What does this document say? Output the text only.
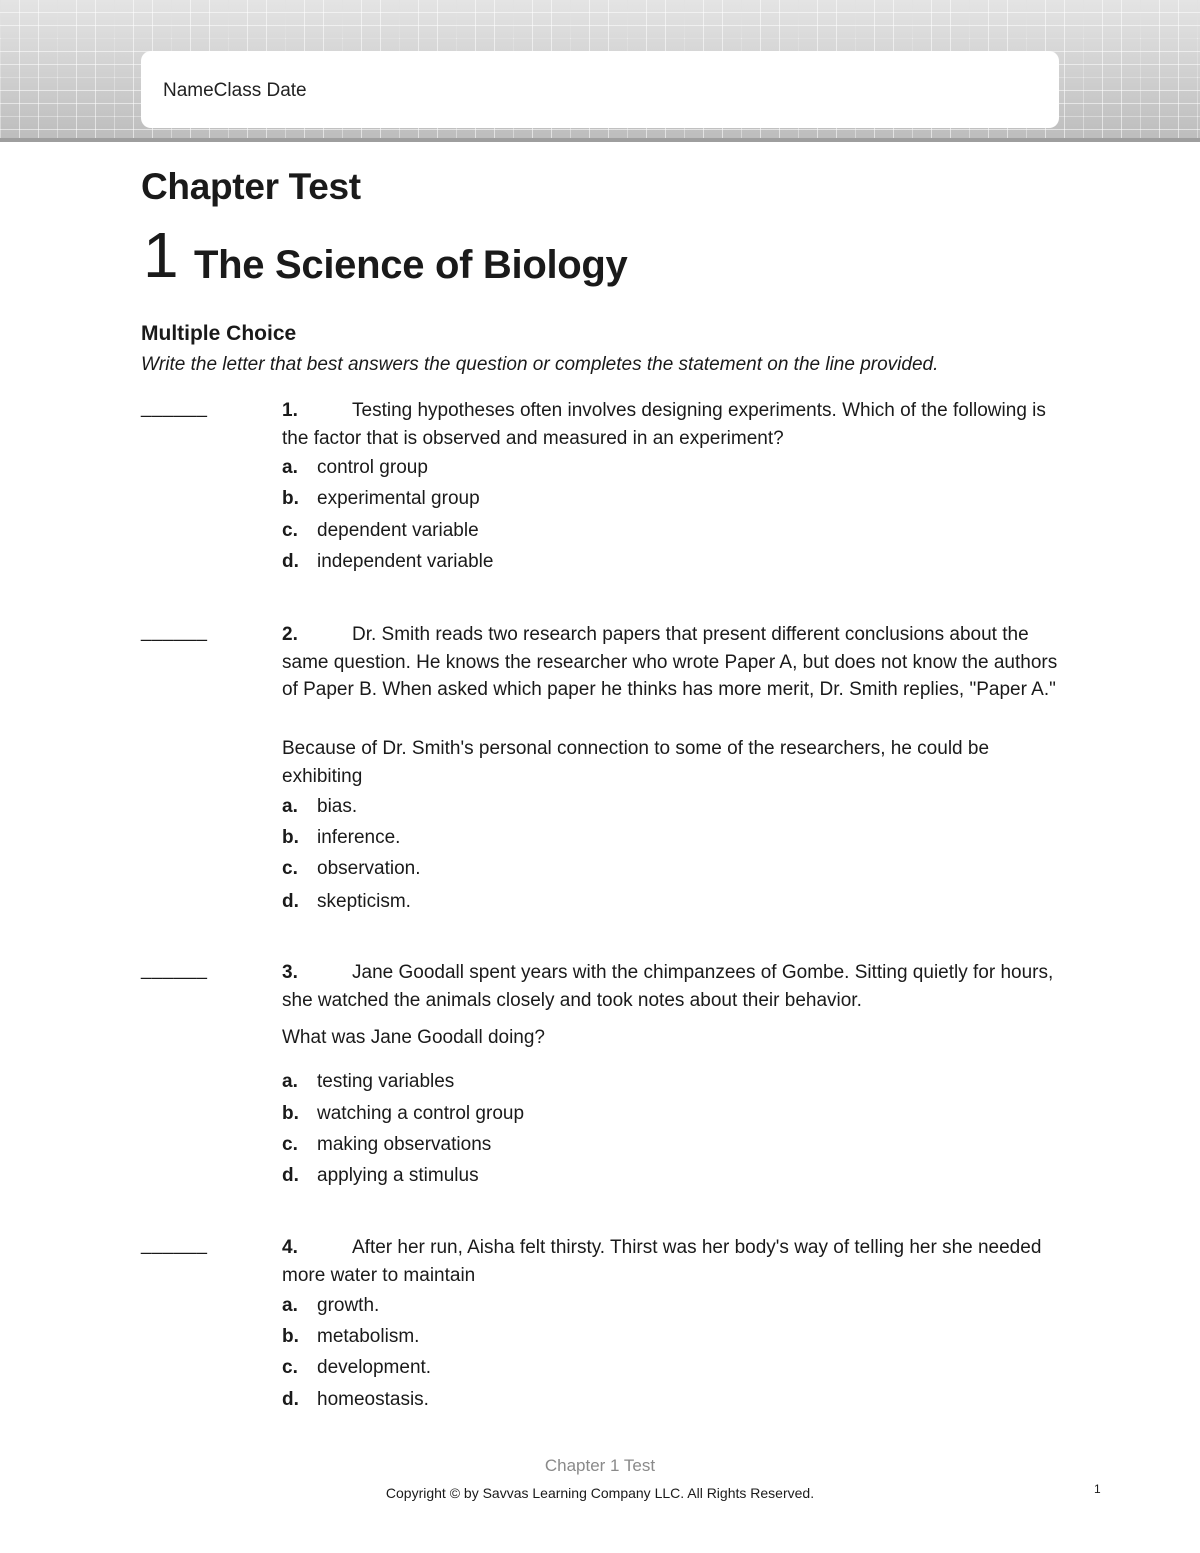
NameClass Date
Chapter Test
1 The Science of Biology
Multiple Choice
Write the letter that best answers the question or completes the statement on the line provided.
______	1.	Testing hypotheses often involves designing experiments. Which of the following is the factor that is observed and measured in an experiment?
a. control group
b. experimental group
c. dependent variable
d. independent variable
______	2.	Dr. Smith reads two research papers that present different conclusions about the same question. He knows the researcher who wrote Paper A, but does not know the authors of Paper B. When asked which paper he thinks has more merit, Dr. Smith replies, "Paper A."
Because of Dr. Smith's personal connection to some of the researchers, he could be exhibiting
a. bias.
b. inference.
c. observation.
d. skepticism.
______	3.	Jane Goodall spent years with the chimpanzees of Gombe. Sitting quietly for hours, she watched the animals closely and took notes about their behavior.
What was Jane Goodall doing?
a. testing variables
b. watching a control group
c. making observations
d. applying a stimulus
______	4.	After her run, Aisha felt thirsty. Thirst was her body's way of telling her she needed more water to maintain
a. growth.
b. metabolism.
c. development.
d. homeostasis.
Chapter 1 Test
Copyright © by Savvas Learning Company LLC. All Rights Reserved.	1
